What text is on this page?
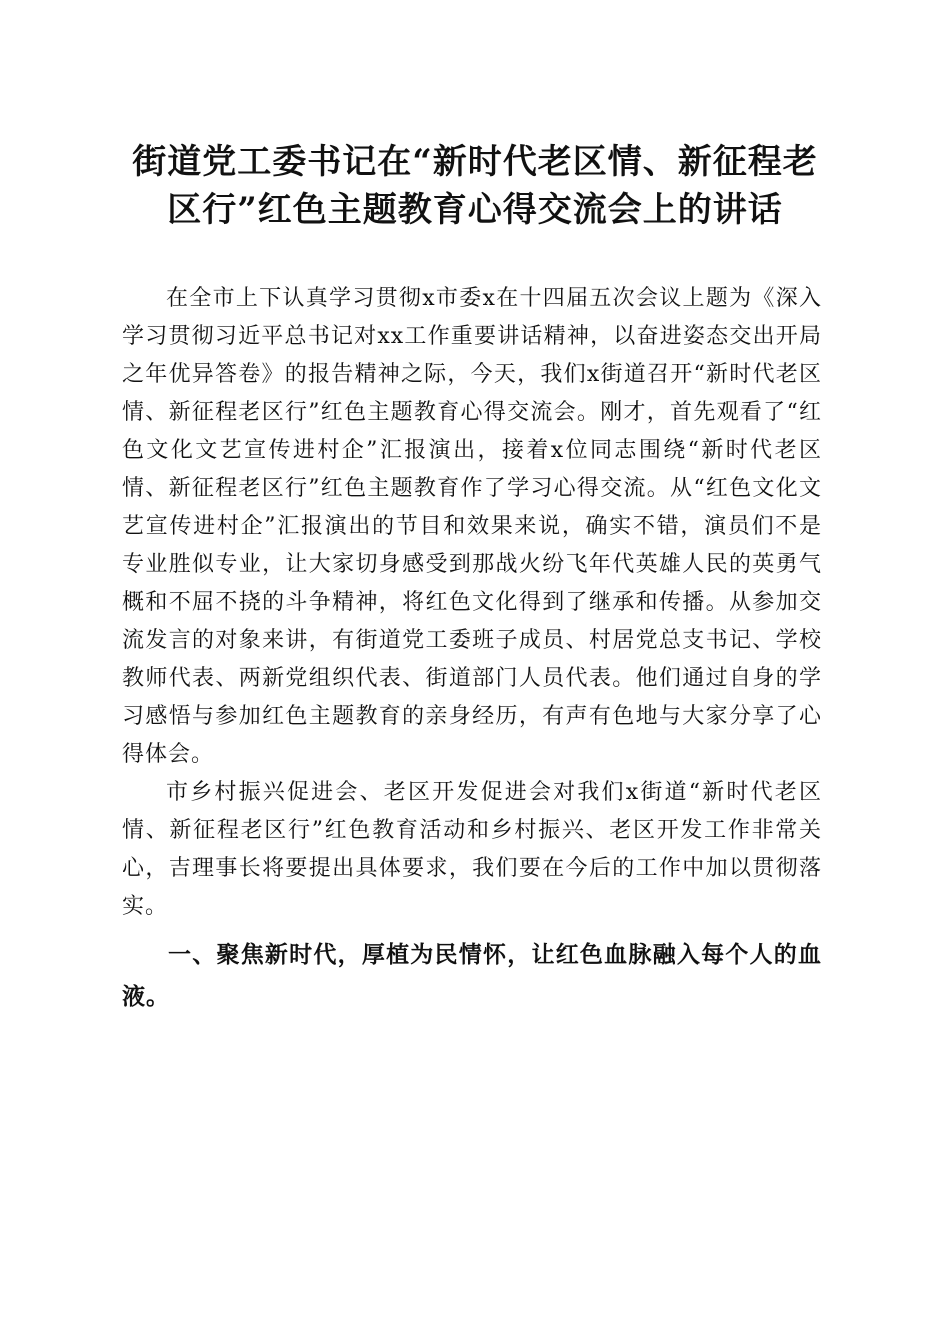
街道党工委书记在“新时代老区情、新征程老
区行”红色主题教育心得交流会上的讲话

在全市上下认真学习贯彻x市委x在十四届五次会议上题为《深入学习贯彻习近平总书记对xx工作重要讲话精神，以奋进姿态交出开局之年优异答卷》的报告精神之际，今天，我们x街道召开“新时代老区情、新征程老区行”红色主题教育心得交流会。刚才，首先观看了“红色文化文艺宣传进村企”汇报演出，接着x位同志围绕“新时代老区情、新征程老区行”红色主题教育作了学习心得交流。从“红色文化文艺宣传进村企”汇报演出的节目和效果来说，确实不错，演员们不是专业胜似专业，让大家切身感受到那战火纷飞年代英雄人民的英勇气概和不屈不挠的斗争精神，将红色文化得到了继承和传播。从参加交流发言的对象来讲，有街道党工委班子成员、村居党总支书记、学校教师代表、两新党组织代表、街道部门人员代表。他们通过自身的学习感悟与参加红色主题教育的亲身经历，有声有色地与大家分享了心得体会。

市乡村振兴促进会、老区开发促进会对我们x街道“新时代老区情、新征程老区行”红色教育活动和乡村振兴、老区开发工作非常关心，吉理事长将要提出具体要求，我们要在今后的工作中加以贯彻落实。

一、聚焦新时代，厚植为民情怀，让红色血脉融入每个人的血液。
